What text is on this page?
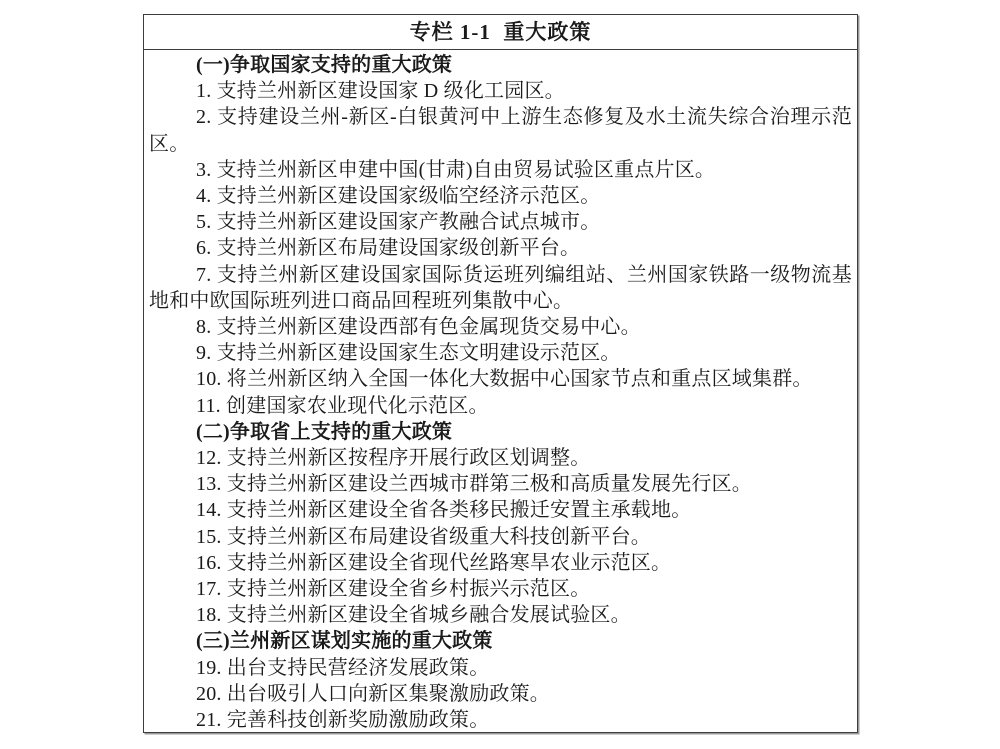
专栏 1-1  重大政策

(一)争取国家支持的重大政策

1. 支持兰州新区建设国家 D 级化工园区。

2. 支持建设兰州-新区-白银黄河中上游生态修复及水土流失综合治理示范区。

3. 支持兰州新区申建中国(甘肃)自由贸易试验区重点片区。

4. 支持兰州新区建设国家级临空经济示范区。

5. 支持兰州新区建设国家产教融合试点城市。

6. 支持兰州新区布局建设国家级创新平台。

7. 支持兰州新区建设国家国际货运班列编组站、兰州国家铁路一级物流基地和中欧国际班列进口商品回程班列集散中心。

8. 支持兰州新区建设西部有色金属现货交易中心。

9. 支持兰州新区建设国家生态文明建设示范区。

10. 将兰州新区纳入全国一体化大数据中心国家节点和重点区域集群。

11. 创建国家农业现代化示范区。

(二)争取省上支持的重大政策

12. 支持兰州新区按程序开展行政区划调整。

13. 支持兰州新区建设兰西城市群第三极和高质量发展先行区。

14. 支持兰州新区建设全省各类移民搬迁安置主承载地。

15. 支持兰州新区布局建设省级重大科技创新平台。

16. 支持兰州新区建设全省现代丝路寒旱农业示范区。

17. 支持兰州新区建设全省乡村振兴示范区。

18. 支持兰州新区建设全省城乡融合发展试验区。

(三)兰州新区谋划实施的重大政策

19. 出台支持民营经济发展政策。

20. 出台吸引人口向新区集聚激励政策。

21. 完善科技创新奖励激励政策。
